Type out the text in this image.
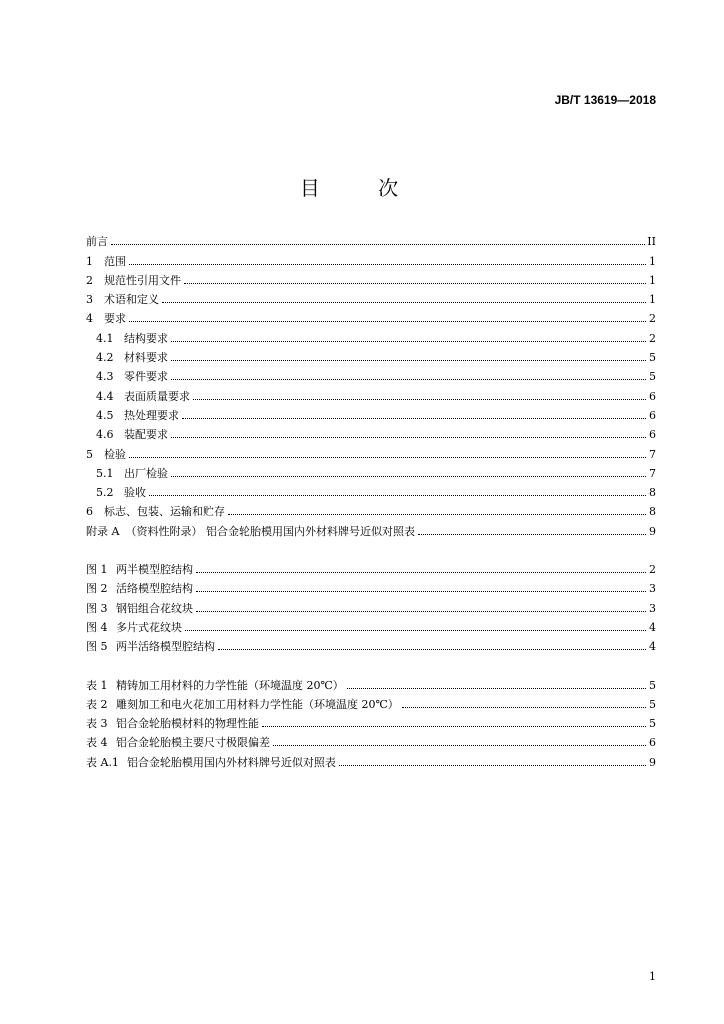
JB/T 13619—2018
目 次
前言	II
1	范围	1
2	规范性引用文件	1
3	术语和定义	1
4	要求	2
4.1 结构要求	2
4.2 材料要求	5
4.3 零件要求	5
4.4 表面质量要求	6
4.5 热处理要求	6
4.6 装配要求	6
5	检验	7
5.1 出厂检验	7
5.2 验收	8
6	标志、包装、运输和贮存	8
附录 A （资料性附录） 铝合金轮胎模用国内外材料牌号近似对照表	9
图 1 两半模型腔结构	2
图 2 活络模型腔结构	3
图 3 钢铝组合花纹块	3
图 4 多片式花纹块	4
图 5 两半活络模型腔结构	4
表 1 精铸加工用材料的力学性能（环境温度 20℃）	5
表 2 雕刻加工和电火花加工用材料力学性能（环境温度 20℃）	5
表 3 铝合金轮胎模材料的物理性能	5
表 4 铝合金轮胎模主要尺寸极限偏差	6
表 A.1 铝合金轮胎模用国内外材料牌号近似对照表	9
1
